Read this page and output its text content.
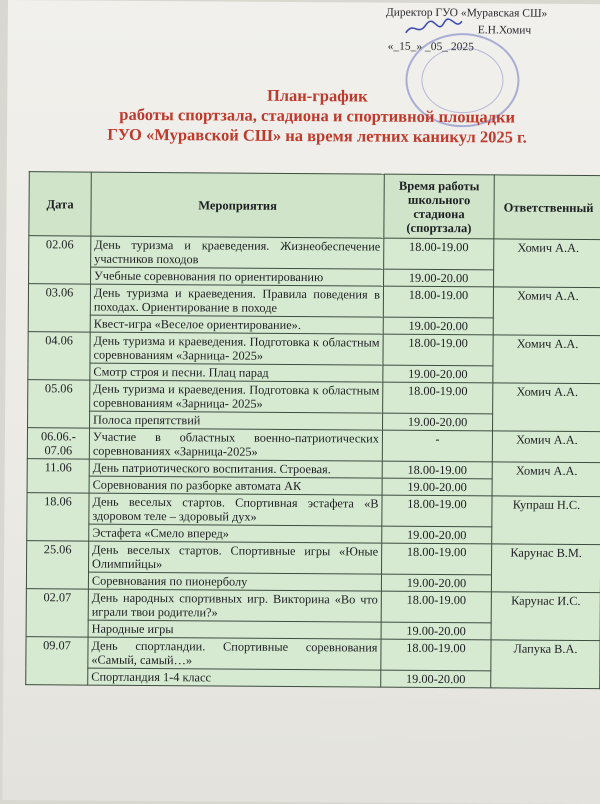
Директор ГУО «Муравская СШ»
Е.Н.Хомич
«_15_» _05_ 2025
План-график
работы спортзала, стадиона и спортивной площадки
ГУО «Муравской СШ» на время летних каникул 2025 г.
Дата	Мероприятия	Время работы школьного стадиона (спортзала)	Ответственный
02.06	День туризма и краеведения. Жизнеобеспечение участников походов	18.00-19.00	Хомич А.А.
	Учебные соревнования по ориентированию	19.00-20.00	
03.06	День туризма и краеведения. Правила поведения в походах. Ориентирование в походе	18.00-19.00	Хомич А.А.
	Квест-игра «Веселое ориентирование».	19.00-20.00	
04.06	День туризма и краеведения. Подготовка к областным соревнованиям «Зарница- 2025»	18.00-19.00	Хомич А.А.
	Смотр строя и песни. Плац парад	19.00-20.00	
05.06	День туризма и краеведения. Подготовка к областным соревнованиям «Зарница- 2025»	18.00-19.00	Хомич А.А.
	Полоса препятствий	19.00-20.00	
06.06.- 07.06	Участие в областных военно-патриотических соревнованиях «Зарница-2025»	-	Хомич А.А.
11.06	День патриотического воспитания. Строевая.	18.00-19.00	Хомич А.А.
	Соревнования по разборке автомата АК	19.00-20.00	
18.06	День веселых стартов. Спортивная эстафета «В здоровом теле – здоровый дух»	18.00-19.00	Купраш Н.С.
	Эстафета «Смело вперед»	19.00-20.00	
25.06	День веселых стартов. Спортивные игры «Юные Олимпийцы»	18.00-19.00	Карунас В.М.
	Соревнования по пионерболу	19.00-20.00	
02.07	День народных спортивных игр. Викторина «Во что играли твои родители?»	18.00-19.00	Карунас И.С.
	Народные игры	19.00-20.00	
09.07	День спортландии. Спортивные соревнования «Самый, самый…»	18.00-19.00	Лапука В.А.
	Спортландия 1-4 класс	19.00-20.00	
